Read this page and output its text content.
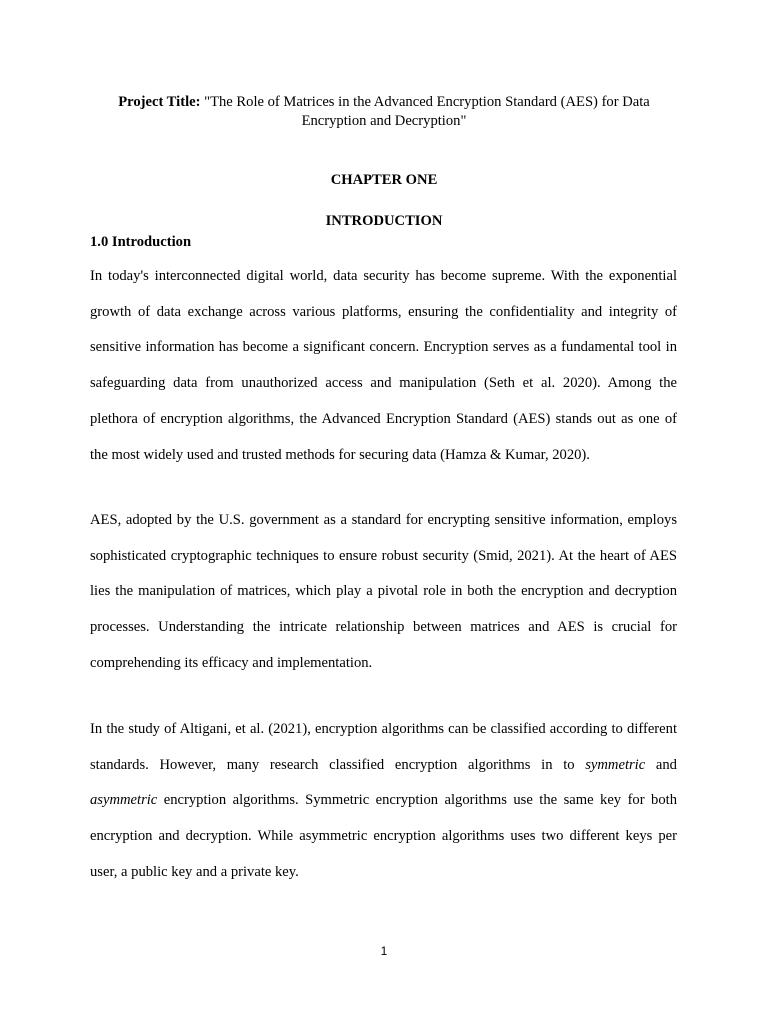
Project Title: "The Role of Matrices in the Advanced Encryption Standard (AES) for Data Encryption and Decryption"
CHAPTER ONE
INTRODUCTION
1.0 Introduction

In today's interconnected digital world, data security has become supreme. With the exponential growth of data exchange across various platforms, ensuring the confidentiality and integrity of sensitive information has become a significant concern. Encryption serves as a fundamental tool in safeguarding data from unauthorized access and manipulation (Seth et al. 2020). Among the plethora of encryption algorithms, the Advanced Encryption Standard (AES) stands out as one of the most widely used and trusted methods for securing data (Hamza & Kumar, 2020).

AES, adopted by the U.S. government as a standard for encrypting sensitive information, employs sophisticated cryptographic techniques to ensure robust security (Smid, 2021). At the heart of AES lies the manipulation of matrices, which play a pivotal role in both the encryption and decryption processes. Understanding the intricate relationship between matrices and AES is crucial for comprehending its efficacy and implementation.

In the study of Altigani, et al. (2021), encryption algorithms can be classified according to different standards. However, many research classified encryption algorithms in to symmetric and asymmetric encryption algorithms. Symmetric encryption algorithms use the same key for both encryption and decryption. While asymmetric encryption algorithms uses two different keys per user, a public key and a private key.

1
